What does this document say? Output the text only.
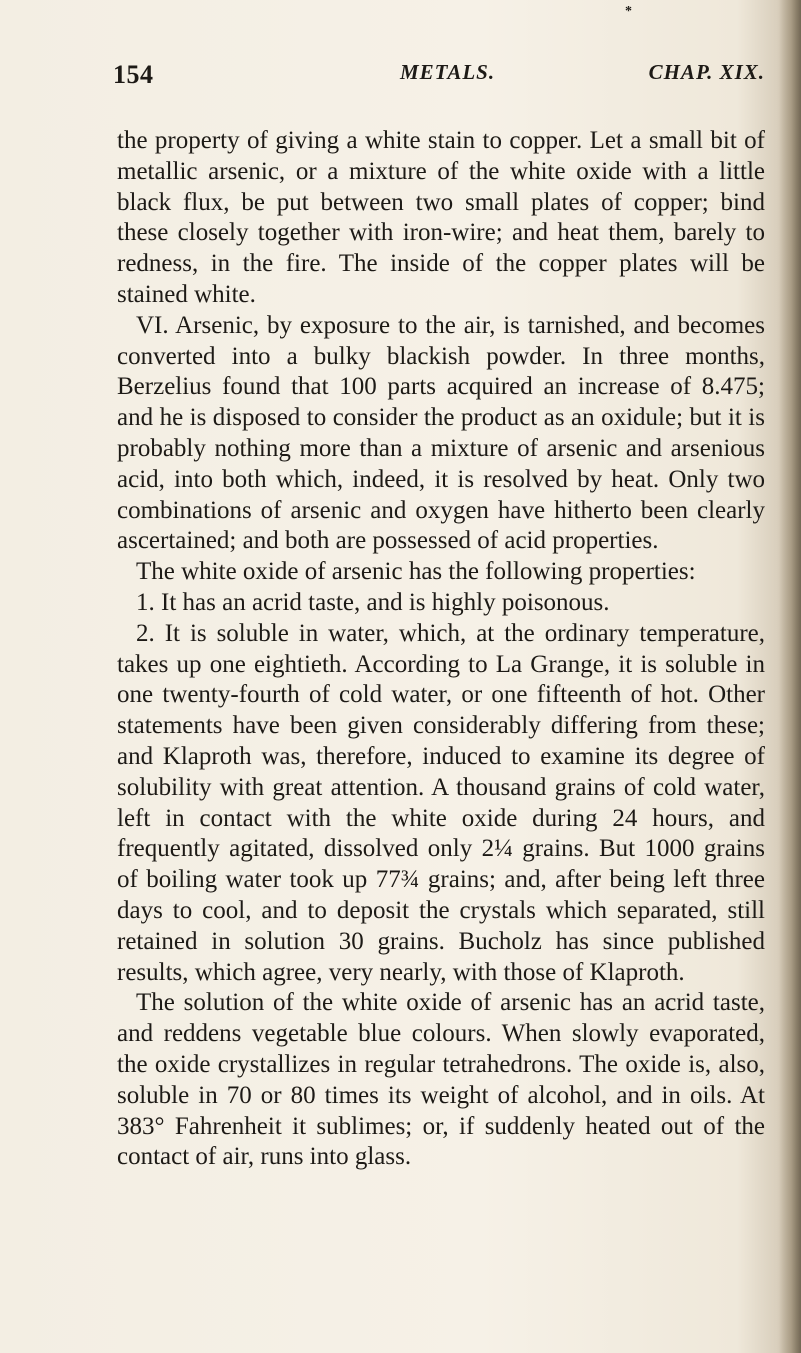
*
154	METALS.	CHAP. XIX.

the property of giving a white stain to copper. Let a small bit of metallic arsenic, or a mixture of the white oxide with a little black flux, be put between two small plates of copper; bind these closely together with iron-wire; and heat them, barely to redness, in the fire. The inside of the copper plates will be stained white.

VI. Arsenic, by exposure to the air, is tarnished, and becomes converted into a bulky blackish powder. In three months, Berzelius found that 100 parts acquired an increase of 8.475; and he is disposed to consider the product as an oxidule; but it is probably nothing more than a mixture of arsenic and arsenious acid, into both which, indeed, it is resolved by heat. Only two combinations of arsenic and oxygen have hitherto been clearly ascertained; and both are possessed of acid properties.

The white oxide of arsenic has the following properties:

1. It has an acrid taste, and is highly poisonous.

2. It is soluble in water, which, at the ordinary temperature, takes up one eightieth. According to La Grange, it is soluble in one twenty-fourth of cold water, or one fifteenth of hot. Other statements have been given considerably differing from these; and Klaproth was, therefore, induced to examine its degree of solubility with great attention. A thousand grains of cold water, left in contact with the white oxide during 24 hours, and frequently agitated, dissolved only 2¼ grains. But 1000 grains of boiling water took up 77¾ grains; and, after being left three days to cool, and to deposit the crystals which separated, still retained in solution 30 grains. Bucholz has since published results, which agree, very nearly, with those of Klaproth.

The solution of the white oxide of arsenic has an acrid taste, and reddens vegetable blue colours. When slowly evaporated, the oxide crystallizes in regular tetrahedrons. The oxide is, also, soluble in 70 or 80 times its weight of alcohol, and in oils. At 383° Fahrenheit it sublimes; or, if suddenly heated out of the contact of air, runs into glass.
